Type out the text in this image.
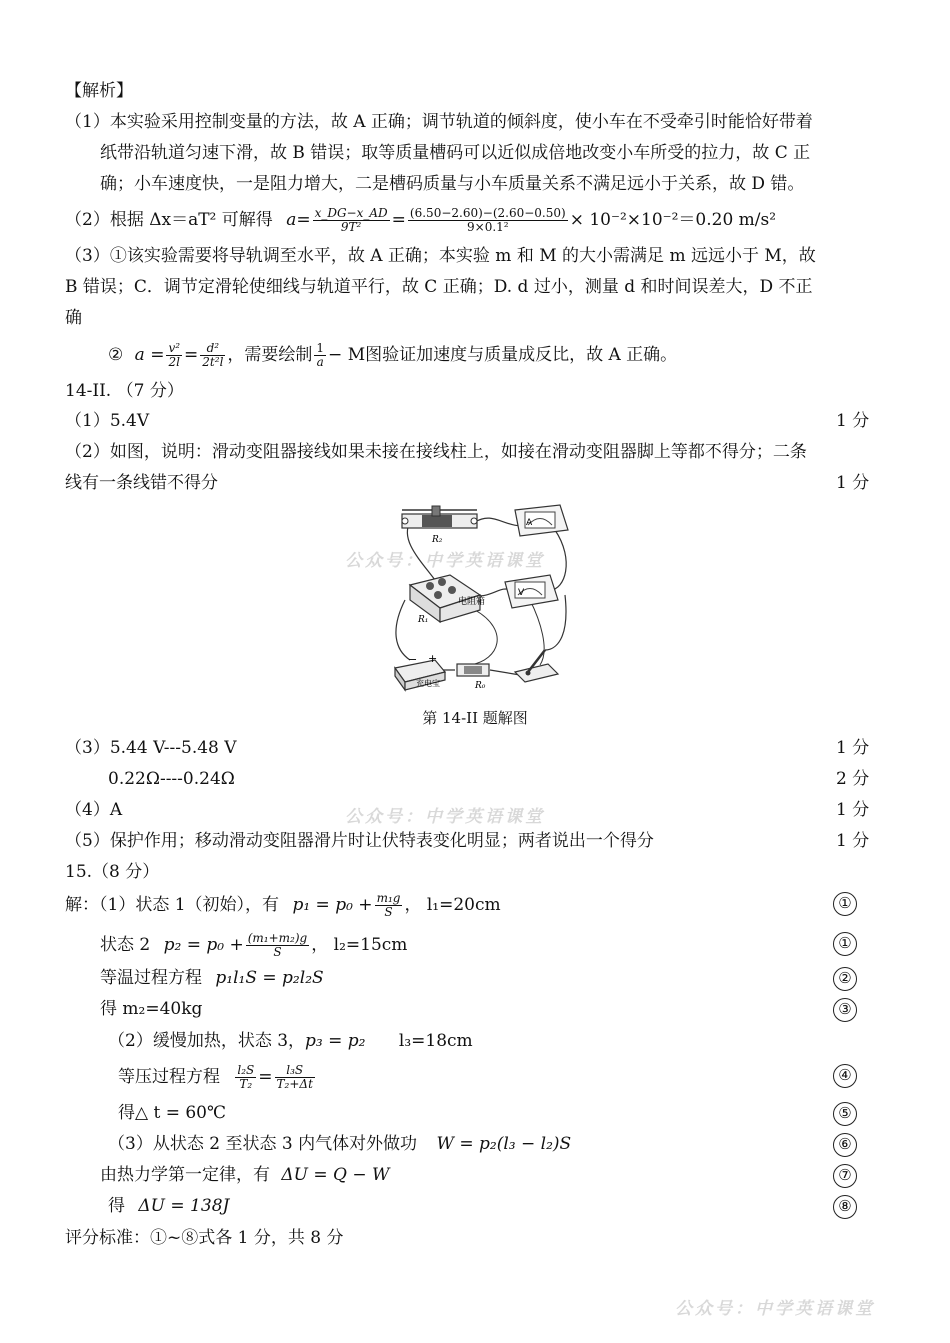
【解析】
（1）本实验采用控制变量的方法，故 A 正确；调节轨道的倾斜度，使小车在不受牵引时能恰好带着
纸带沿轨道匀速下滑，故 B 错误；取等质量槽码可以近似成倍地改变小车所受的拉力，故 C 正
确；小车速度快，一是阻力增大，二是槽码质量与小车质量关系不满足远小于关系，故 D 错。
（2）根据 Δx＝aT² 可解得 $a= \frac{x\_DG-x\_AD}{\text{9T²}} = \frac{(6.50-2.60)-(2.60-0.50)}{\text{9×0.1²}} \times 10^{-2}\times 10^{-2}=0.20$ m/s²
（3）①该实验需要将导轨调至水平，故 A 正确；本实验 m 和 M 的大小需满足 m 远远小于 M，故
B 错误；C．调节定滑轮使细线与轨道平行，故 C 正确；D. d 过小，测量 d 和时间误差大，D 不正
确
② $a = \frac{\text{v²}}{2l} = \frac{\text{d²}}{\text{2t²l}}$ ，需要绘制 $\frac{1}{a} - M$图验证加速度与质量成反比，故 A 正确。
14-II. （7 分）
（1）5.4V	1 分
（2）如图，说明：滑动变阻器接线如果未接在接线柱上，如接在滑动变阻器脚上等都不得分；二条
线有一条线错不得分	1 分
R₂
A
电阻箱
R₁
V
− +
充电宝	R₀
公众号：中学英语课堂
第 14-II 题解图
（3）5.44 V---5.48 V	1 分
0.22Ω----0.24Ω	2 分
（4）A	1 分
公众号：中学英语课堂
（5）保护作用；移动滑动变阻器滑片时让伏特表变化明显；两者说出一个得分	1 分
15.（8 分）
解：（1）状态 1（初始），有 $p_1 = p_0 + \frac{\text{m₁g}}{S}$ ， l₁=20cm	①
状态 2 $p_2 = p_0 + \frac{\text{(m₁+m₂)g}}{S}$ ， l₂=15cm	①
等温过程方程 p₁l₁S = p₂l₂S	②
得 m₂=40kg	③
（2）缓慢加热，状态 3，p₃ = p₂ l₃=18cm
等压过程方程 $\frac{\text{l₂S}}{\text{T₂}} = \frac{\text{l₃S}}{\text{T₂+Δt}}$	④
得△ t = 60℃	⑤
（3）从状态 2 至状态 3 内气体对外做功 W = p₂(l₃ − l₂)S	⑥
由热力学第一定律，有 ΔU = Q − W	⑦
得 ΔU = 138J	⑧
评分标准：①~⑧式各 1 分，共 8 分
公众号：中学英语课堂
